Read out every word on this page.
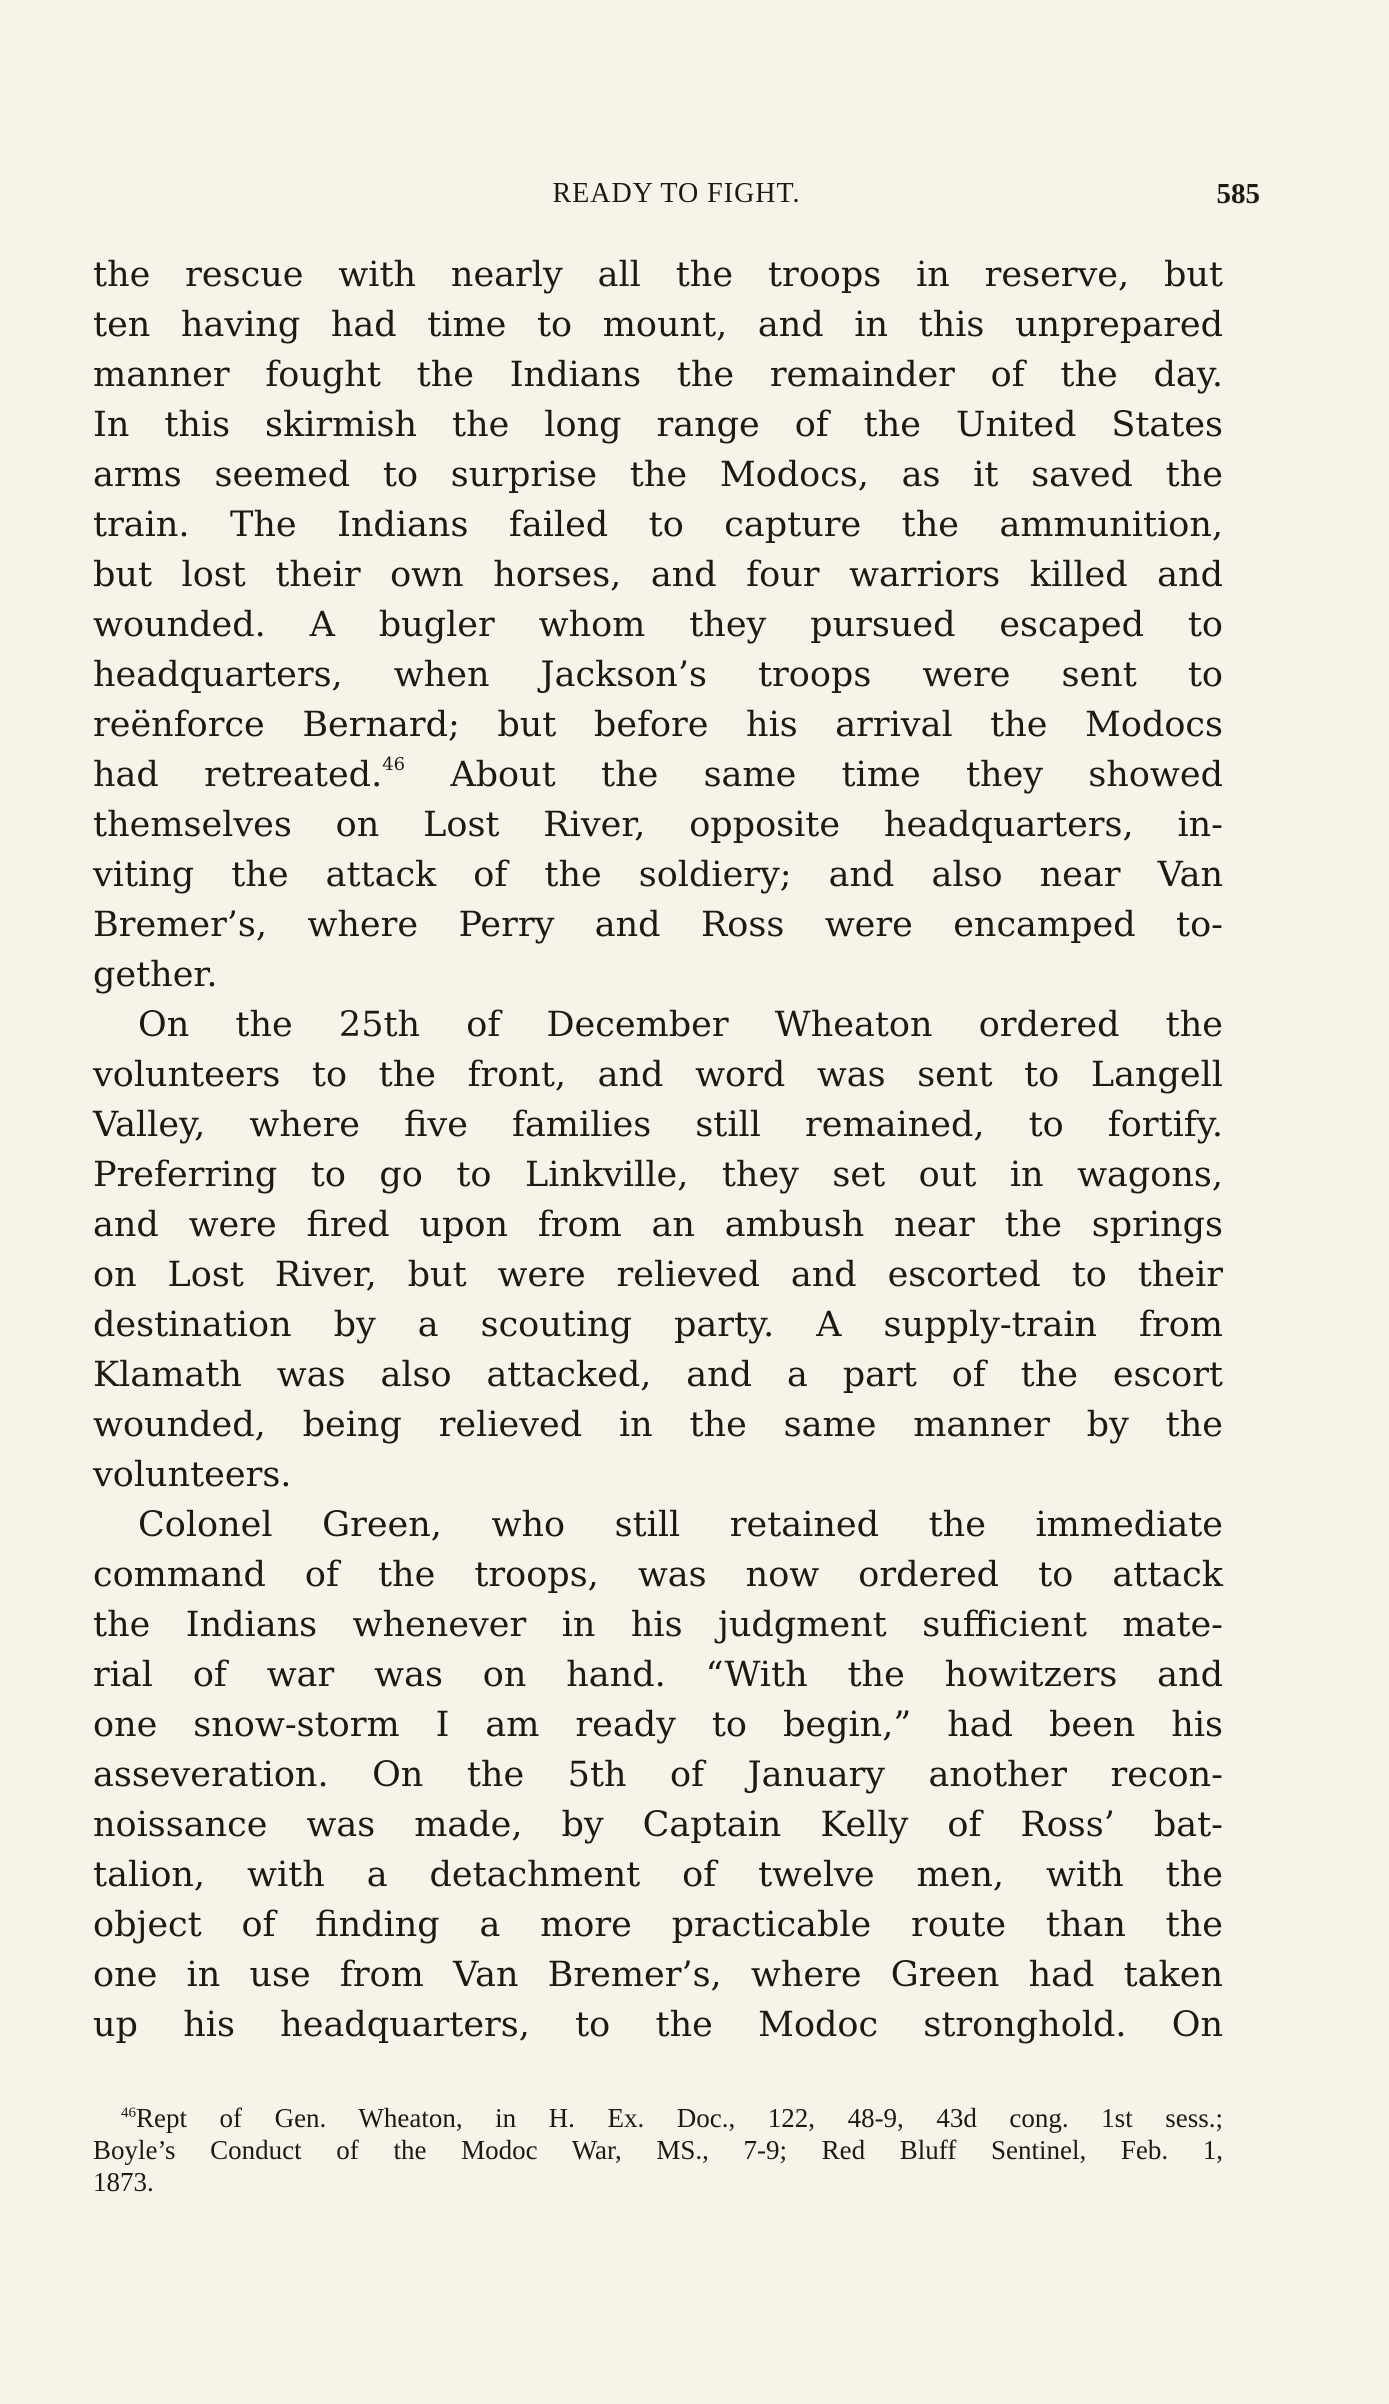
READY TO FIGHT.	585
the rescue with nearly all the troops in reserve, but
ten having had time to mount, and in this unprepared
manner fought the Indians the remainder of the day.
In this skirmish the long range of the United States
arms seemed to surprise the Modocs, as it saved the
train. The Indians failed to capture the ammunition,
but lost their own horses, and four warriors killed and
wounded. A bugler whom they pursued escaped to
headquarters, when Jackson’s troops were sent to
reënforce Bernard; but before his arrival the Modocs
had retreated.$^{46}$ About the same time they showed
themselves on Lost River, opposite headquarters, in-
viting the attack of the soldiery; and also near Van
Bremer’s, where Perry and Ross were encamped to-
gether.
On the 25th of December Wheaton ordered the
volunteers to the front, and word was sent to Langell
Valley, where five families still remained, to fortify.
Preferring to go to Linkville, they set out in wagons,
and were fired upon from an ambush near the springs
on Lost River, but were relieved and escorted to their
destination by a scouting party. A supply-train from
Klamath was also attacked, and a part of the escort
wounded, being relieved in the same manner by the
volunteers.
Colonel Green, who still retained the immediate
command of the troops, was now ordered to attack
the Indians whenever in his judgment sufficient mate-
rial of war was on hand. “With the howitzers and
one snow-storm I am ready to begin,” had been his
asseveration. On the 5th of January another recon-
noissance was made, by Captain Kelly of Ross’ bat-
talion, with a detachment of twelve men, with the
object of finding a more practicable route than the
one in use from Van Bremer’s, where Green had taken
up his headquarters, to the Modoc stronghold. On
$^{46}$Rept of Gen. Wheaton, in H. Ex. Doc., 122, 48-9, 43d cong. 1st sess.;
Boyle’s Conduct of the Modoc War, MS., 7-9; Red Bluff Sentinel, Feb. 1,
1873.
